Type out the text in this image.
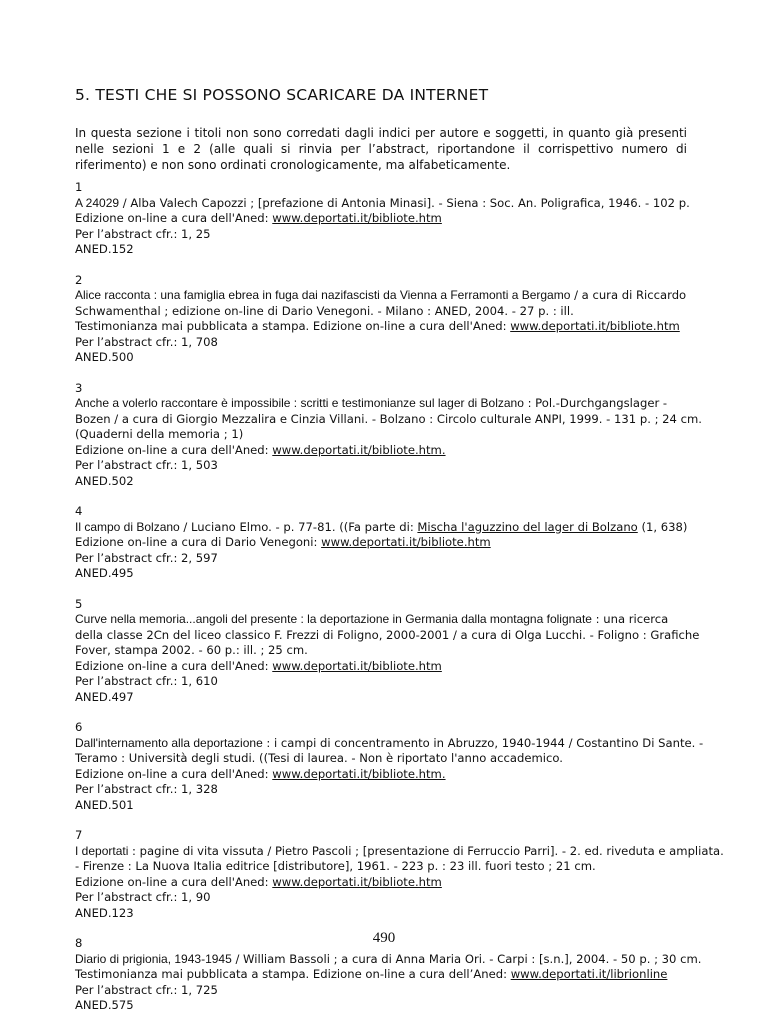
5. TESTI CHE SI POSSONO SCARICARE DA INTERNET
In questa sezione i titoli non sono corredati dagli indici per autore e soggetti, in quanto già presenti nelle sezioni 1 e 2 (alle quali si rinvia per l’abstract, riportandone il corrispettivo numero di riferimento) e non sono ordinati cronologicamente, ma alfabeticamente.
1
A 24029 / Alba Valech Capozzi ; [prefazione di Antonia Minasi]. - Siena : Soc. An. Poligrafica, 1946. - 102 p.
Edizione on-line a cura dell'Aned: www.deportati.it/bibliote.htm
Per l’abstract cfr.: 1, 25
ANED.152
2
Alice racconta : una famiglia ebrea in fuga dai nazifascisti da Vienna a Ferramonti a Bergamo / a cura di Riccardo
Schwamenthal ; edizione on-line di Dario Venegoni. - Milano : ANED, 2004. - 27 p. : ill.
Testimonianza mai pubblicata a stampa. Edizione on-line a cura dell'Aned: www.deportati.it/bibliote.htm
Per l’abstract cfr.: 1, 708
ANED.500
3
Anche a volerlo raccontare è impossibile : scritti e testimonianze sul lager di Bolzano : Pol.-Durchgangslager -
Bozen / a cura di Giorgio Mezzalira e Cinzia Villani. - Bolzano : Circolo culturale ANPI, 1999. - 131 p. ; 24 cm.
(Quaderni della memoria ; 1)
Edizione on-line a cura dell'Aned: www.deportati.it/bibliote.htm.
Per l’abstract cfr.: 1, 503
ANED.502
4
Il campo di Bolzano / Luciano Elmo. - p. 77-81. ((Fa parte di: Mischa l'aguzzino del lager di Bolzano (1, 638)
Edizione on-line a cura di Dario Venegoni: www.deportati.it/bibliote.htm
Per l’abstract cfr.: 2, 597
ANED.495
5
Curve nella memoria...angoli del presente : la deportazione in Germania dalla montagna folignate : una ricerca
della classe 2Cn del liceo classico F. Frezzi di Foligno, 2000-2001 / a cura di Olga Lucchi. - Foligno : Grafiche
Fover, stampa 2002. - 60 p.: ill. ; 25 cm.
Edizione on-line a cura dell'Aned: www.deportati.it/bibliote.htm
Per l’abstract cfr.: 1, 610
ANED.497
6
Dall'internamento alla deportazione : i campi di concentramento in Abruzzo, 1940-1944 / Costantino Di Sante. -
Teramo : Università degli studi. ((Tesi di laurea. - Non è riportato l'anno accademico.
Edizione on-line a cura dell'Aned: www.deportati.it/bibliote.htm.
Per l’abstract cfr.: 1, 328
ANED.501
7
I deportati : pagine di vita vissuta / Pietro Pascoli ; [presentazione di Ferruccio Parri]. - 2. ed. riveduta e ampliata.
- Firenze : La Nuova Italia editrice [distributore], 1961. - 223 p. : 23 ill. fuori testo ; 21 cm.
Edizione on-line a cura dell'Aned: www.deportati.it/bibliote.htm
Per l’abstract cfr.: 1, 90
ANED.123
8
Diario di prigionia, 1943-1945 / William Bassoli ; a cura di Anna Maria Ori. - Carpi : [s.n.], 2004. - 50 p. ; 30 cm.
Testimonianza mai pubblicata a stampa. Edizione on-line a cura dell’Aned: www.deportati.it/librionline
Per l’abstract cfr.: 1, 725
ANED.575
490
